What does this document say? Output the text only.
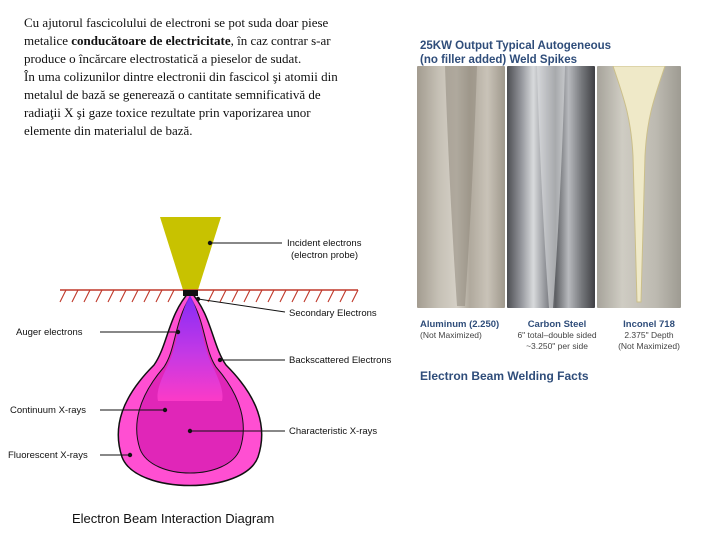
Cu ajutorul fascicolului de electroni se pot suda doar piese metalice conducătoare de electricitate, în caz contrar s-ar produce o încărcare electrostatică a pieselor de sudat.
În uma colizunilor dintre electronii din fascicol şi atomii din metalul de bază se generează o cantitate semnificativă de radiaţii X şi gaze toxice rezultate prin vaporizarea unor elemente din materialul de bază.

Incident electrons
(electron probe)
Secondary Electrons
Auger electrons
Backscattered Electrons
Continuum X-rays
Characteristic X-rays
Fluorescent X-rays
Electron Beam Interaction Diagram
25KW Output Typical Autogeneous
(no filler added) Weld Spikes
Aluminum (2.250)
(Not Maximized)
Carbon Steel
6" total–double sided
~3.250" per side
Inconel 718
2.375" Depth
(Not Maximized)
Electron Beam Welding Facts
